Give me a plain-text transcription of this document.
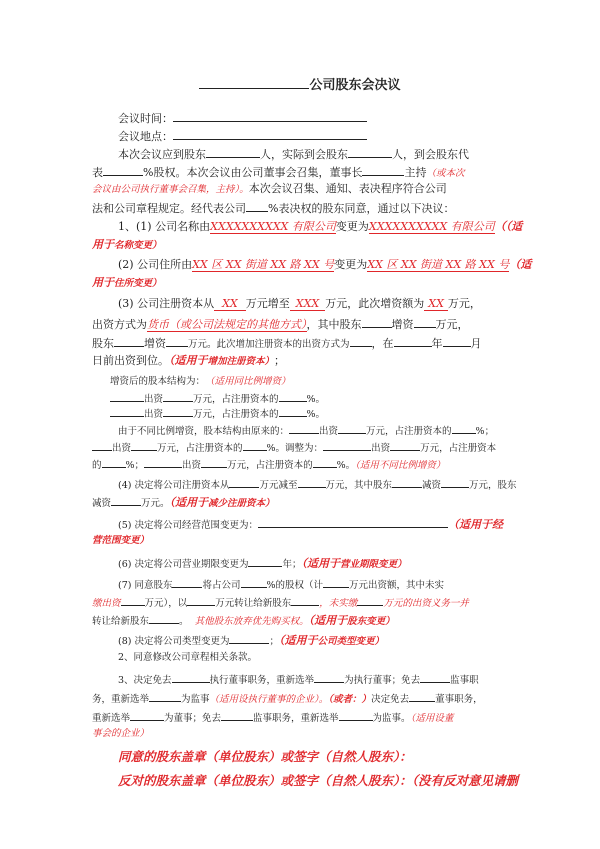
公司股东会决议
会议时间：
会议地点：
本次会议应到股东	人，实际到会股东	人，到会股东代
表	%股权。本次会议由公司董事会召集，董事长	主持（或本次
会议由公司执行董事会召集，主持）。本次会议召集、通知、表决程序符合公司
法和公司章程规定。经代表公司 %表决权的股东同意，通过以下决议：
1、(1) 公司名称由XXXXXXXXXX 有限公司变更为XXXXXXXXXX 有限公司（（适
用于名称变更）
(2) 公司住所由XX 区 XX 街道 XX 路 XX 号变更为XX 区 XX 街道 XX 路 XX 号（适
用于住所变更）
(3) 公司注册资本从 XX 万元增至 XXX 万元，此次增资额为 XX 万元，
出资方式为货币（或公司法规定的其他方式），其中股东	增资 万元，
股东	增资 万元。此次增加注册资本的出资方式为 ，在	年	月
日前出资到位。（适用于增加注册资本）；
增资后的股本结构为：（适用同比例增资）
出资	万元，占注册资本的	%。
出资	万元，占注册资本的	%。
由于不同比例增资，股本结构由原来的：	出资	万元，占注册资本的	%；
出资	万元，占注册资本的	%。调整为：	出资	万元，占注册资本
的	%；	出资	万元，占注册资本的	%。（适用不同比例增资）
(4) 决定将公司注册资本从	万元减至	万元，其中股东	减资	万元，股东
减资	万元。（适用于减少注册资本）
(5) 决定将公司经营范围变更为：	（适用于经
营范围变更）
(6) 决定将公司营业期限变更为	年；（适用于营业期限变更）
(7) 同意股东	将占公司	%的股权（计	万元出资额，其中未实
缴出资	万元），以	万元转让给新股东	，未实缴	万元的出资义务一并
转让给新股东	。 其他股东放弃优先购买权。（适用于股东变更）
(8) 决定将公司类型变更为	；（适用于公司类型变更）
2、同意修改公司章程相关条款。
3、决定免去	执行董事职务，重新选举	为执行董事；免去	监事职
务，重新选举	为监事（适用设执行董事的企业）。（或者：）决定免去	董事职务，
重新选举	为董事；免去	监事职务，重新选举	为监事。（适用设董
事会的企业）
同意的股东盖章（单位股东）或签字（自然人股东）：
反对的股东盖章（单位股东）或签字（自然人股东）：（没有反对意见请删
